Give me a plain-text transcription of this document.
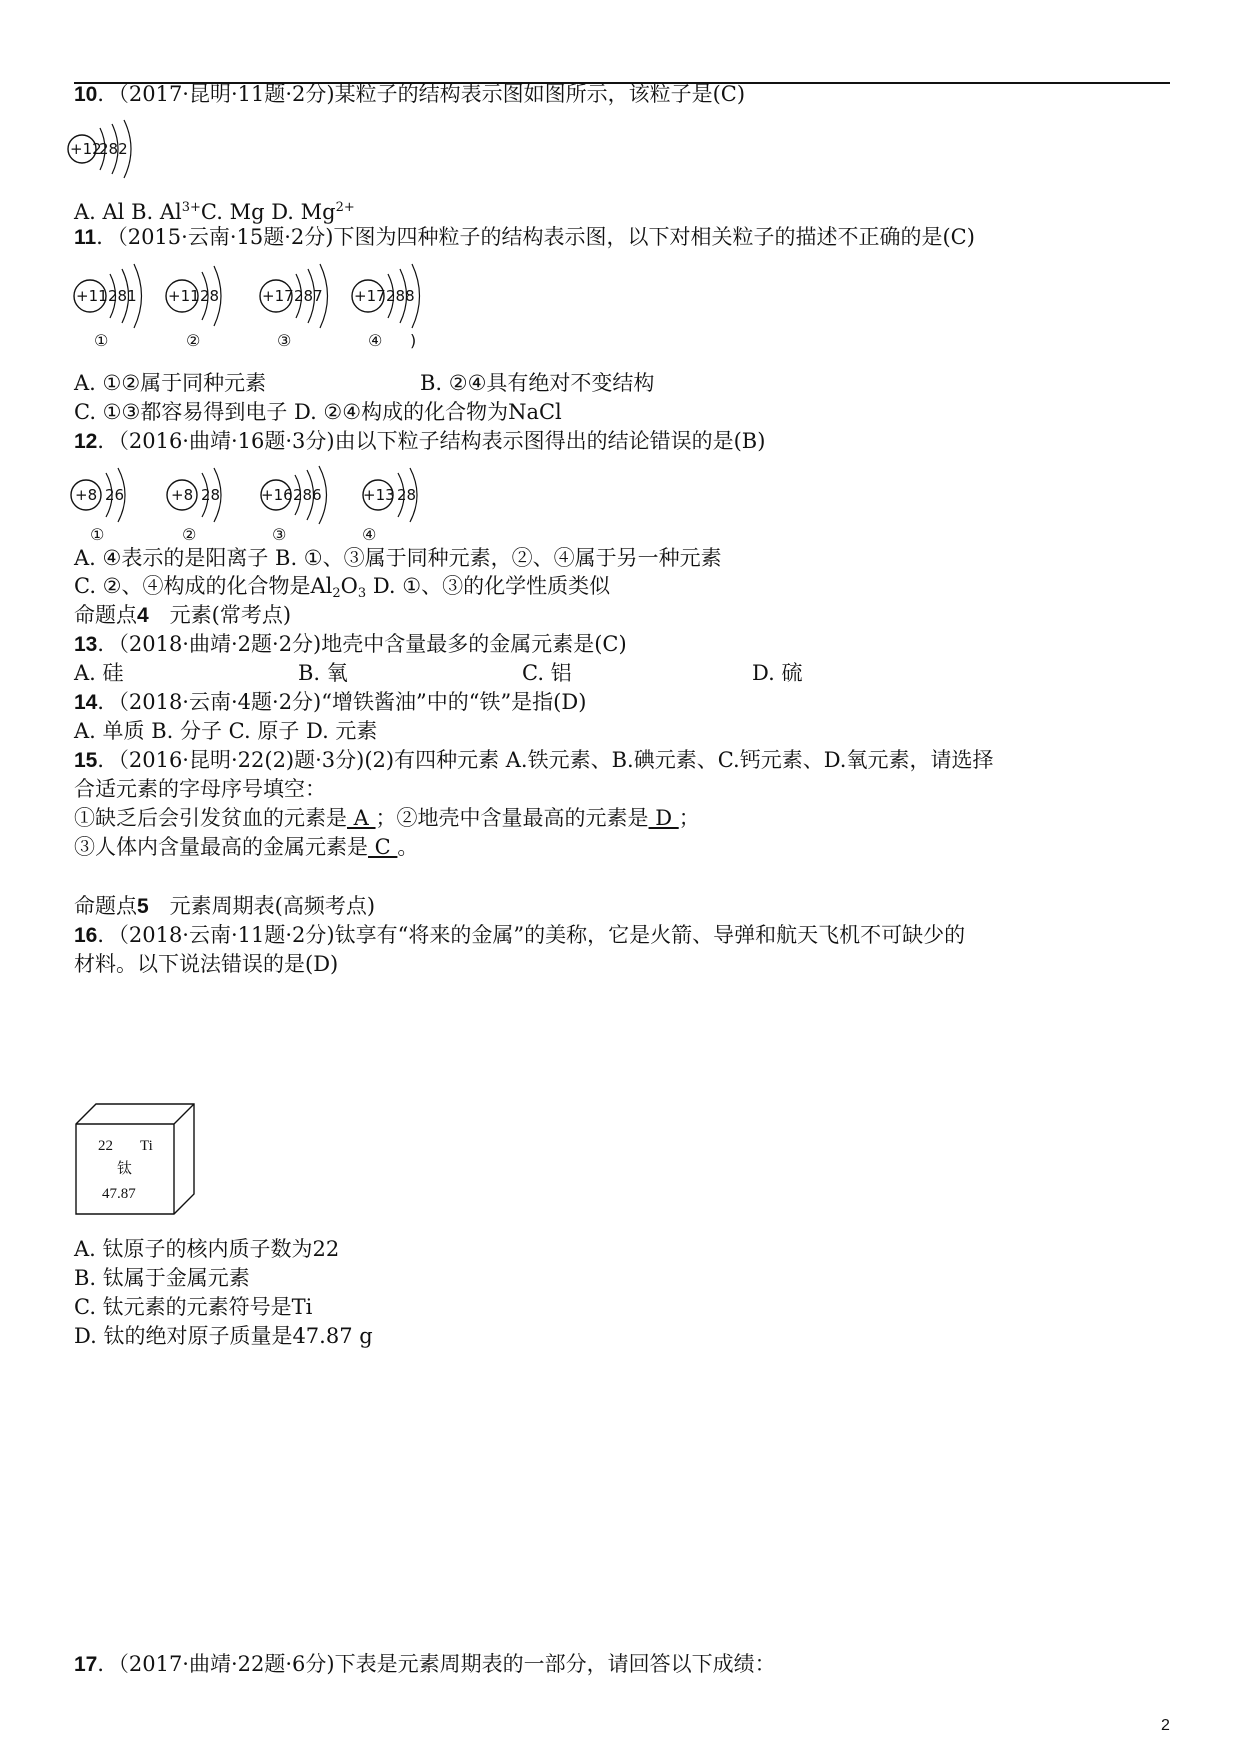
10．（2017·昆明·11题·2分)某粒子的结构表示图如图所示，该粒子是(C)
+12
282
A. Al B. $Al^{3+}C$. Mg D. $Mg^{2+}$
11．（2015·云南·15题·2分)下图为四种粒子的结构表示图，以下对相关粒子的描述不正确的是(C)
+11 281 +11 28	+17 287 +17 288
①	②	③	④ )
A. ①②属于同种元素	B. ②④具有绝对不变结构
C. ①③都容易得到电子 D. ②④构成的化合物为NaCl
12．（2016·曲靖·16题·3分)由以下粒子结构表示图得出的结论错误的是(B)
+8 26	+8 28	+16 286	+13 28
①	②	③	④
A. ④表示的是阳离子 B. ①、③属于同种元素，②、④属于另一种元素
C. ②、④构成的化合物是$Al_2O_3$ D. ①、③的化学性质类似
命题点4　元素(常考点)
13．（2018·曲靖·2题·2分)地壳中含量最多的金属元素是(C)
A. 硅	B. 氧	C. 铝	D. 硫
14．（2018·云南·4题·2分)“增铁酱油”中的“铁”是指(D)
A. 单质 B. 分子 C. 原子 D. 元素
15．（2016·昆明·22(2)题·3分)(2)有四种元素 A.铁元素、B.碘元素、C.钙元素、D.氧元素，请选择
合适元素的字母序号填空：
①缺乏后会引发贫血的元素是 A ；②地壳中含量最高的元素是 D ；
③人体内含量最高的金属元素是 C 。
命题点5　元素周期表(高频考点)
16．（2018·云南·11题·2分)钛享有“将来的金属”的美称，它是火箭、导弹和航天飞机不可缺少的
材料。以下说法错误的是(D)
22 Ti
钛
47.87
A. 钛原子的核内质子数为22
B. 钛属于金属元素
C. 钛元素的元素符号是Ti
D. 钛的绝对原子质量是47.87 g
17．（2017·曲靖·22题·6分)下表是元素周期表的一部分，请回答以下成绩：
2
